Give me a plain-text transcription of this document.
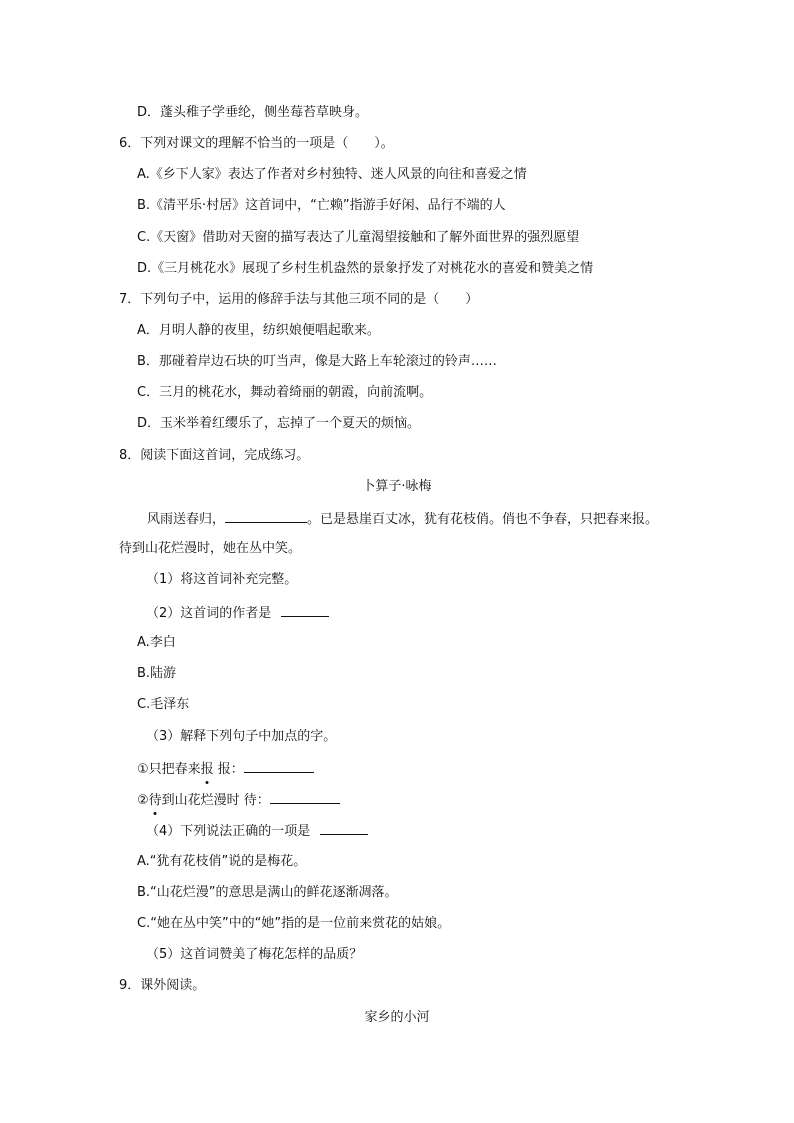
D．蓬头稚子学垂纶，侧坐莓苔草映身。
6．下列对课文的理解不恰当的一项是（　　）。
A.《乡下人家》表达了作者对乡村独特、迷人风景的向往和喜爱之情
B.《清平乐·村居》这首词中，“亡赖”指游手好闲、品行不端的人
C.《天窗》借助对天窗的描写表达了儿童渴望接触和了解外面世界的强烈愿望
D.《三月桃花水》展现了乡村生机盎然的景象抒发了对桃花水的喜爱和赞美之情
7．下列句子中，运用的修辞手法与其他三项不同的是（　　）
A．月明人静的夜里，纺织娘便唱起歌来。
B．那碰着岸边石块的叮当声，像是大路上车轮滚过的铃声……
C．三月的桃花水，舞动着绮丽的朝霞，向前流啊。
D．玉米举着红缨乐了，忘掉了一个夏天的烦恼。
8．阅读下面这首词，完成练习。
卜算子·咏梅
风雨送春归，	。已是悬崖百丈冰，犹有花枝俏。俏也不争春，只把春来报。
待到山花烂漫时，她在丛中笑。
（1）将这首词补充完整。
（2）这首词的作者是
A.李白
B.陆游
C.毛泽东
（3）解释下列句子中加点的字。
①只把春来报 报：
②待到山花烂漫时 待：
（4）下列说法正确的一项是
A.“犹有花枝俏”说的是梅花。
B.“山花烂漫”的意思是满山的鲜花逐渐凋落。
C.“她在丛中笑”中的“她”指的是一位前来赏花的姑娘。
（5）这首词赞美了梅花怎样的品质？
9．课外阅读。
家乡的小河
